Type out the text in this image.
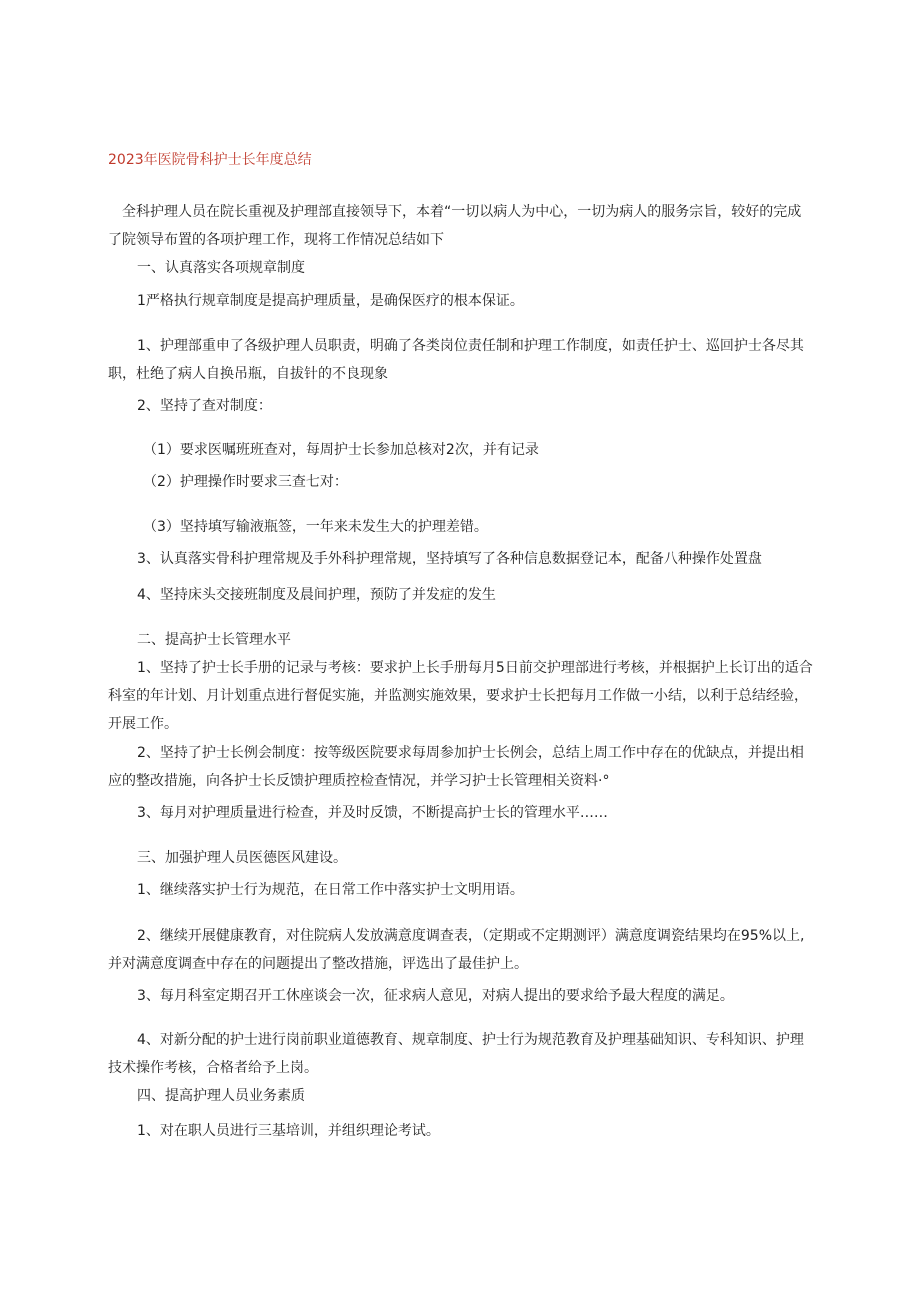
2023年医院骨科护士长年度总结

全科护理人员在院长重视及护理部直接领导下，本着“一切以病人为中心，一切为病人的服务宗旨，较好的完成

了院领导布置的各项护理工作，现将工作情况总结如下

一、认真落实各项规章制度

1严格执行规章制度是提高护理质量，是确保医疗的根本保证。

1、护理部重申了各级护理人员职责，明确了各类岗位责任制和护理工作制度，如责任护士、巡回护士各尽其

职，杜绝了病人自换吊瓶，自拔针的不良现象

2、坚持了查对制度：

（1）要求医嘱班班查对，每周护士长参加总核对2次，并有记录

（2）护理操作时要求三查七对：

（3）坚持填写输液瓶签，一年来未发生大的护理差错。

3、认真落实骨科护理常规及手外科护理常规，坚持填写了各种信息数据登记本，配备八种操作处置盘

4、坚持床头交接班制度及晨间护理，预防了并发症的发生

二、提高护士长管理水平

1、坚持了护士长手册的记录与考核：要求护上长手册每月5日前交护理部进行考核，并根据护上长订出的适合

科室的年计划、月计划重点进行督促实施，并监测实施效果，要求护士长把每月工作做一小结，以利于总结经验，

开展工作。

2、坚持了护士长例会制度：按等级医院要求每周参加护士长例会，总结上周工作中存在的优缺点，并提出相

应的整改措施，向各护士长反馈护理质控检查情况，并学习护士长管理相关资料·°

3、每月对护理质量进行检查，并及时反馈，不断提高护士长的管理水平……

三、加强护理人员医德医风建设。

1、继续落实护士行为规范，在日常工作中落实护士文明用语。

2、继续开展健康教育，对住院病人发放满意度调查表，（定期或不定期测评）满意度调瓷结果均在95%以上,

并对满意度调查中存在的问题提出了整改措施，评选出了最佳护上。

3、每月科室定期召开工休座谈会一次，征求病人意见，对病人提出的要求给予最大程度的满足。

4、对新分配的护士进行岗前职业道德教育、规章制度、护士行为规范教育及护理基础知识、专科知识、护理

技术操作考核，合格者给予上岗。

四、提高护理人员业务素质

1、对在职人员进行三基培训，并组织理论考试。
